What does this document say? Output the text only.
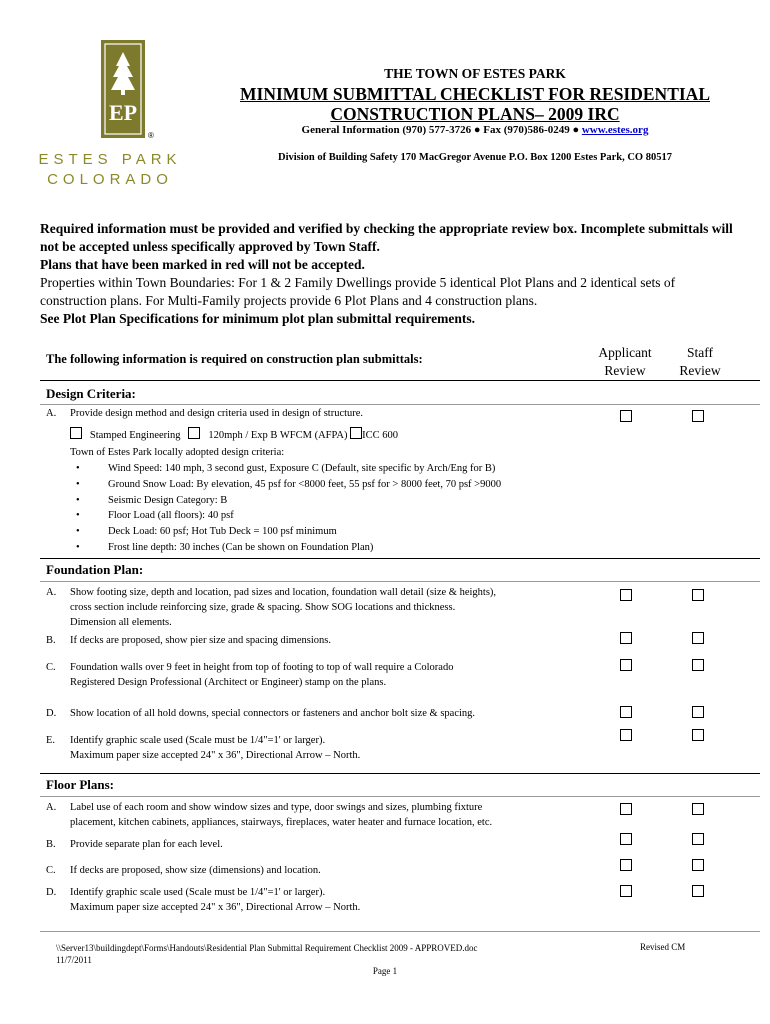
EP
®
ESTES PARK
COLORADO
THE TOWN OF ESTES PARK
MINIMUM SUBMITTAL CHECKLIST FOR RESIDENTIAL
CONSTRUCTION PLANS– 2009 IRC
General Information (970) 577-3726 ● Fax (970)586-0249 ● www.estes.org
Division of Building Safety 170 MacGregor Avenue P.O. Box 1200 Estes Park, CO 80517
Required information must be provided and verified by checking the appropriate review box. Incomplete submittals will not be accepted unless specifically approved by Town Staff.
Plans that have been marked in red will not be accepted.
Properties within Town Boundaries: For 1 & 2 Family Dwellings provide 5 identical Plot Plans and 2 identical sets of construction plans. For Multi-Family projects provide 6 Plot Plans and 4 construction plans.
See Plot Plan Specifications for minimum plot plan submittal requirements.
The following information is required on construction plan submittals:	Applicant
Review
Staff
Review
Design Criteria:
A. Provide design method and design criteria used in design of structure.
Stamped Engineering	120mph / Exp B WFCM (AFPA) ICC 600
Town of Estes Park locally adopted design criteria:
• Wind Speed: 140 mph, 3 second gust, Exposure C (Default, site specific by Arch/Eng for B)
• Ground Snow Load: By elevation, 45 psf for <8000 feet, 55 psf for > 8000 feet, 70 psf >9000
• Seismic Design Category: B
• Floor Load (all floors): 40 psf
• Deck Load: 60 psf; Hot Tub Deck = 100 psf minimum
• Frost line depth: 30 inches (Can be shown on Foundation Plan)
Foundation Plan:
A. Show footing size, depth and location, pad sizes and location, foundation wall detail (size & heights),
cross section include reinforcing size, grade & spacing. Show SOG locations and thickness.
Dimension all elements.
B. If decks are proposed, show pier size and spacing dimensions.
C. Foundation walls over 9 feet in height from top of footing to top of wall require a Colorado
Registered Design Professional (Architect or Engineer) stamp on the plans.
D. Show location of all hold downs, special connectors or fasteners and anchor bolt size & spacing.
E. Identify graphic scale used (Scale must be 1/4"=1' or larger).
Maximum paper size accepted 24" x 36", Directional Arrow – North.
Floor Plans:
A. Label use of each room and show window sizes and type, door swings and sizes, plumbing fixture
placement, kitchen cabinets, appliances, stairways, fireplaces, water heater and furnace location, etc.
B. Provide separate plan for each level.
C. If decks are proposed, show size (dimensions) and location.
D. Identify graphic scale used (Scale must be 1/4"=1' or larger).
Maximum paper size accepted 24" x 36", Directional Arrow – North.
\\Server13\buildingdept\Forms\Handouts\Residential Plan Submittal Requirement Checklist 2009 - APPROVED.doc
11/7/2011
Revised CM
Page 1
